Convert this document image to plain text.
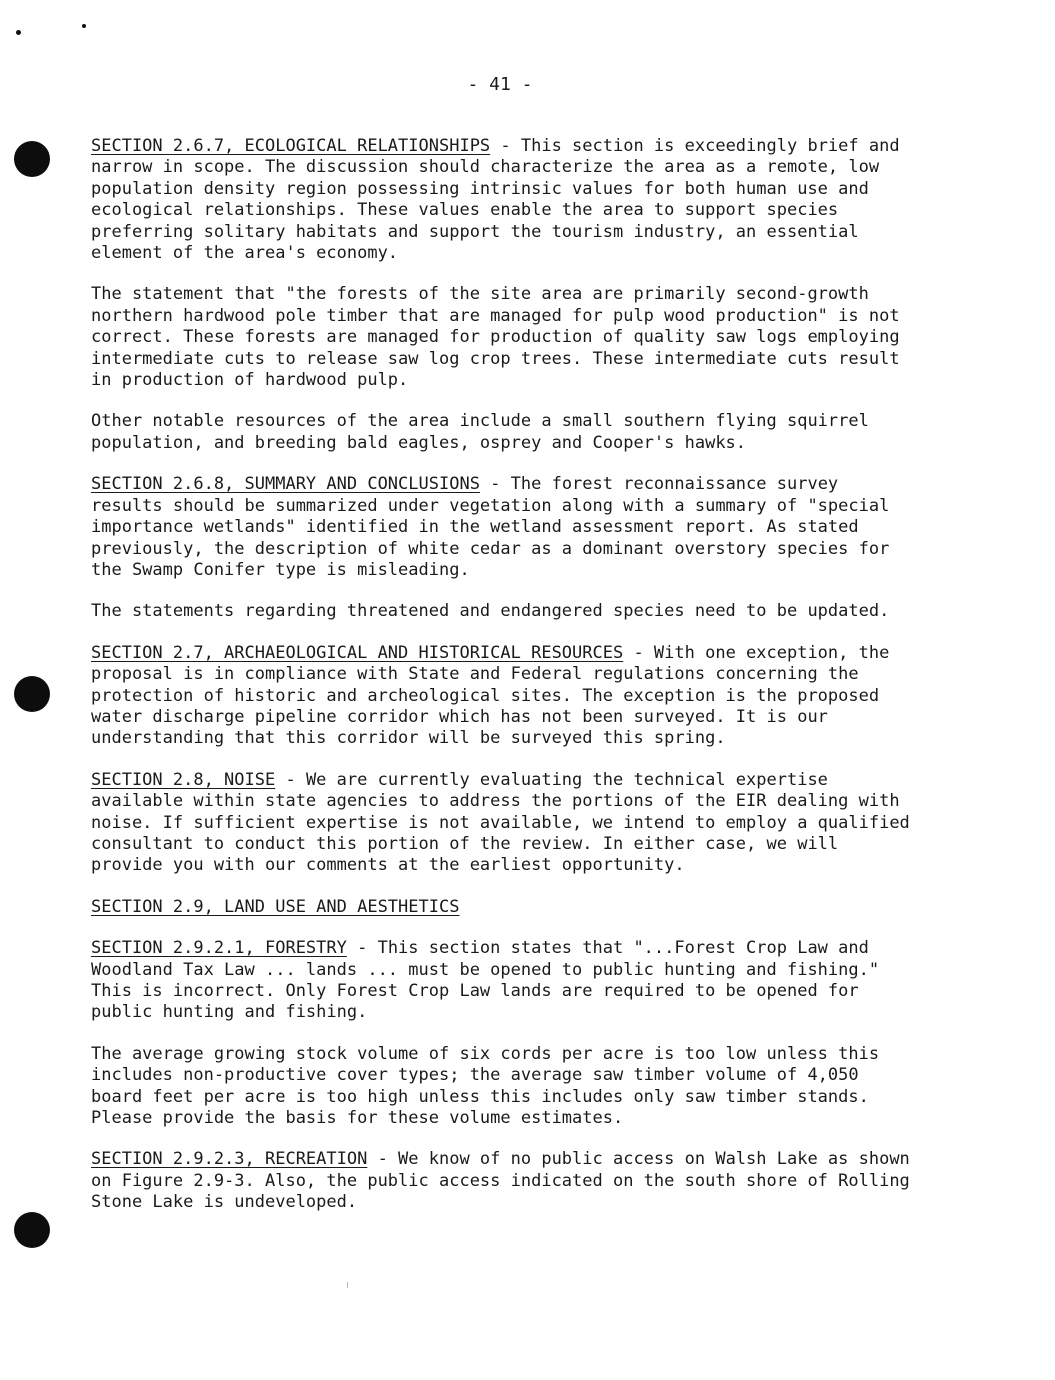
- 41 -

SECTION 2.6.7, ECOLOGICAL RELATIONSHIPS - This section is exceedingly brief and narrow in scope. The discussion should characterize the area as a remote, low population density region possessing intrinsic values for both human use and ecological relationships. These values enable the area to support species preferring solitary habitats and support the tourism industry, an essential element of the area's economy.

The statement that "the forests of the site area are primarily second-growth northern hardwood pole timber that are managed for pulp wood production" is not correct. These forests are managed for production of quality saw logs employing intermediate cuts to release saw log crop trees. These intermediate cuts result in production of hardwood pulp.

Other notable resources of the area include a small southern flying squirrel population, and breeding bald eagles, osprey and Cooper's hawks.

SECTION 2.6.8, SUMMARY AND CONCLUSIONS - The forest reconnaissance survey results should be summarized under vegetation along with a summary of "special importance wetlands" identified in the wetland assessment report. As stated previously, the description of white cedar as a dominant overstory species for the Swamp Conifer type is misleading.

The statements regarding threatened and endangered species need to be updated.

SECTION 2.7, ARCHAEOLOGICAL AND HISTORICAL RESOURCES - With one exception, the proposal is in compliance with State and Federal regulations concerning the protection of historic and archeological sites. The exception is the proposed water discharge pipeline corridor which has not been surveyed. It is our understanding that this corridor will be surveyed this spring.

SECTION 2.8, NOISE - We are currently evaluating the technical expertise available within state agencies to address the portions of the EIR dealing with noise. If sufficient expertise is not available, we intend to employ a qualified consultant to conduct this portion of the review. In either case, we will provide you with our comments at the earliest opportunity.

SECTION 2.9, LAND USE AND AESTHETICS

SECTION 2.9.2.1, FORESTRY - This section states that "...Forest Crop Law and Woodland Tax Law ... lands ... must be opened to public hunting and fishing." This is incorrect. Only Forest Crop Law lands are required to be opened for public hunting and fishing.

The average growing stock volume of six cords per acre is too low unless this includes non-productive cover types; the average saw timber volume of 4,050 board feet per acre is too high unless this includes only saw timber stands. Please provide the basis for these volume estimates.

SECTION 2.9.2.3, RECREATION - We know of no public access on Walsh Lake as shown on Figure 2.9-3. Also, the public access indicated on the south shore of Rolling Stone Lake is undeveloped.
